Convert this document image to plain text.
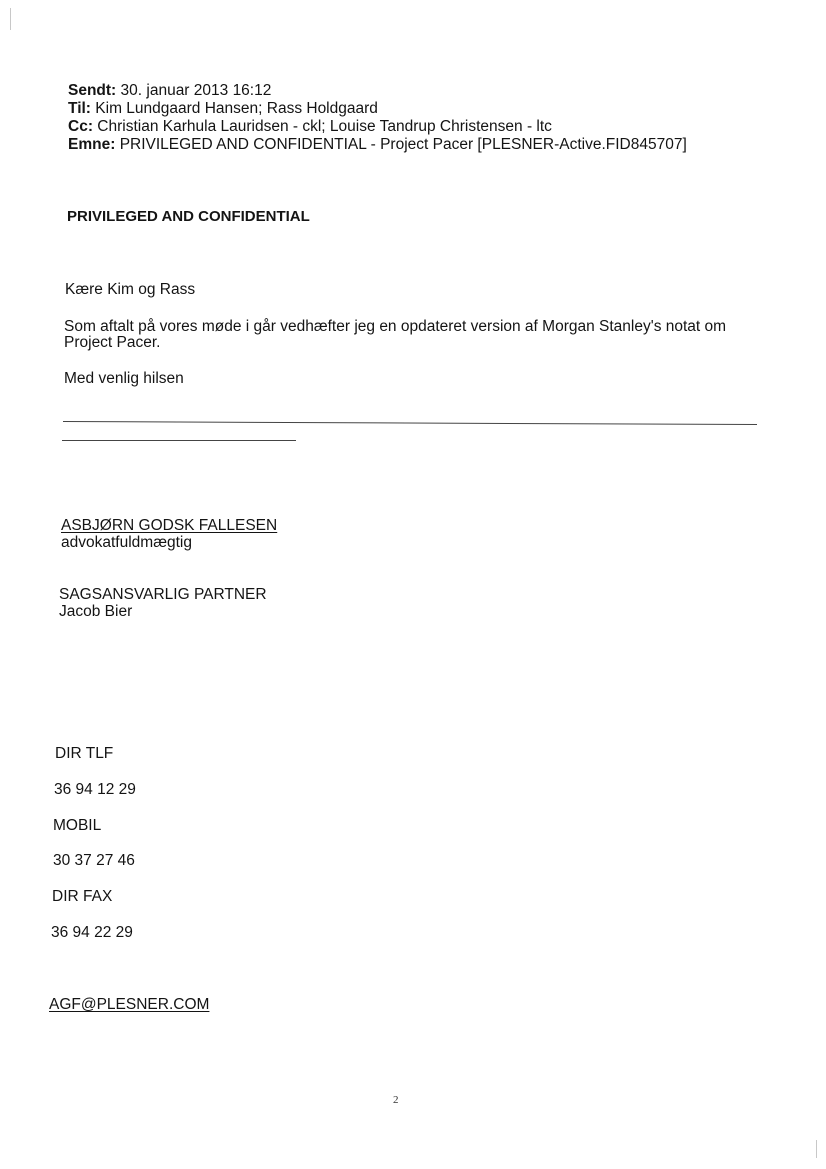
Sendt: 30. januar 2013 16:12
Til: Kim Lundgaard Hansen; Rass Holdgaard
Cc: Christian Karhula Lauridsen - ckl; Louise Tandrup Christensen - ltc
Emne: PRIVILEGED AND CONFIDENTIAL - Project Pacer [PLESNER-Active.FID845707]
PRIVILEGED AND CONFIDENTIAL
Kære Kim og Rass
Som aftalt på vores møde i går vedhæfter jeg en opdateret version af Morgan Stanley's notat om
Project Pacer.
Med venlig hilsen
ASBJØRN GODSK FALLESEN
advokatfuldmægtig
SAGSANSVARLIG PARTNER
Jacob Bier
DIR TLF
36 94 12 29
MOBIL
30 37 27 46
DIR FAX
36 94 22 29
AGF@PLESNER.COM
2
